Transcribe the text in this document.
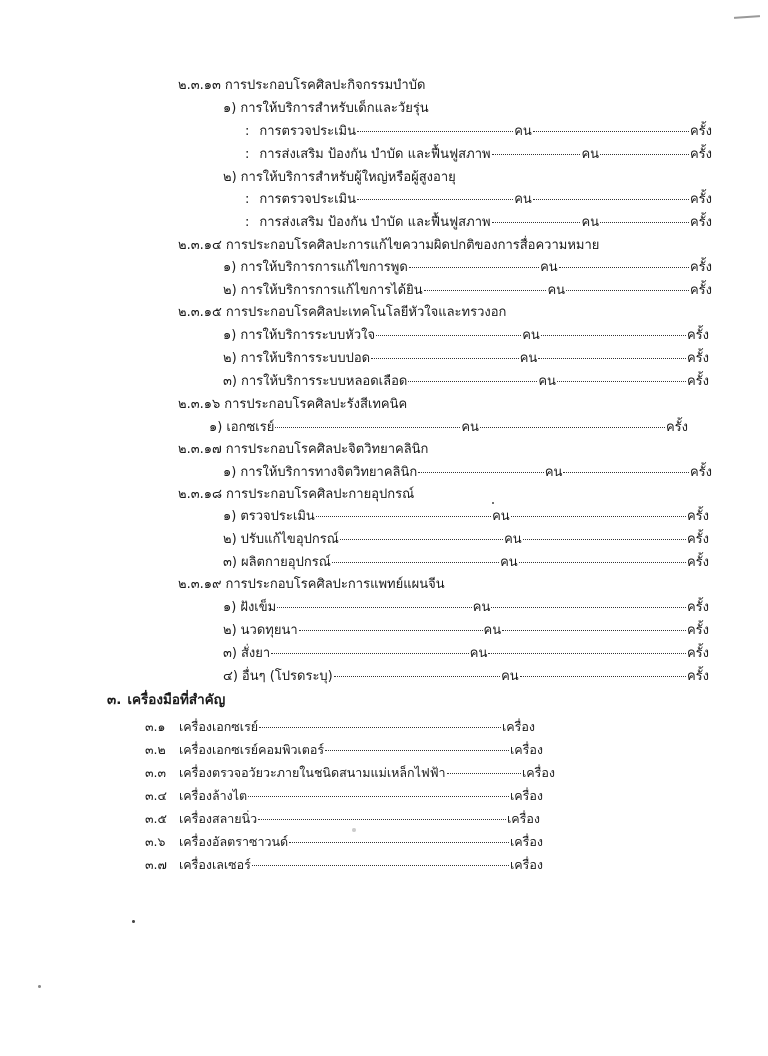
๒.๓.๑๓ การประกอบโรคศิลปะกิจกรรมบำบัด
๑) การให้บริการสำหรับเด็กและวัยรุ่น
: การตรวจประเมิน	คน	ครั้ง
: การส่งเสริม ป้องกัน บำบัด และฟื้นฟูสภาพ	คน	ครั้ง
๒) การให้บริการสำหรับผู้ใหญ่หรือผู้สูงอายุ
: การตรวจประเมิน	คน	ครั้ง
: การส่งเสริม ป้องกัน บำบัด และฟื้นฟูสภาพ	คน	ครั้ง
๒.๓.๑๔ การประกอบโรคศิลปะการแก้ไขความผิดปกติของการสื่อความหมาย
๑) การให้บริการการแก้ไขการพูด	คน	ครั้ง
๒) การให้บริการการแก้ไขการได้ยิน	คน	ครั้ง
๒.๓.๑๕ การประกอบโรคศิลปะเทคโนโลยีหัวใจและทรวงอก
๑) การให้บริการระบบหัวใจ	คน	ครั้ง
๒) การให้บริการระบบปอด	คน	ครั้ง
๓) การให้บริการระบบหลอดเลือด	คน	ครั้ง
๒.๓.๑๖ การประกอบโรคศิลปะรังสีเทคนิค
๑) เอกซเรย์	คน	ครั้ง
๒.๓.๑๗ การประกอบโรคศิลปะจิตวิทยาคลินิก
๑) การให้บริการทางจิตวิทยาคลินิก	คน	ครั้ง
๒.๓.๑๘ การประกอบโรคศิลปะกายอุปกรณ์
๑) ตรวจประเมิน	คน	ครั้ง
๒) ปรับแก้ไขอุปกรณ์	คน	ครั้ง
๓) ผลิตกายอุปกรณ์	คน	ครั้ง
๒.๓.๑๙ การประกอบโรคศิลปะการแพทย์แผนจีน
๑) ฝังเข็ม	คน	ครั้ง
๒) นวดทุยนา	คน	ครั้ง
๓) สั่งยา	คน	ครั้ง
๔) อื่นๆ (โปรดระบุ)	คน	ครั้ง
๓. เครื่องมือที่สำคัญ
๓.๑	เครื่องเอกซเรย์	เครื่อง
๓.๒	เครื่องเอกซเรย์คอมพิวเตอร์	เครื่อง
๓.๓	เครื่องตรวจอวัยวะภายในชนิดสนามแม่เหล็กไฟฟ้า	เครื่อง
๓.๔ เครื่องล้างไต	เครื่อง
๓.๕ เครื่องสลายนิ่ว	เครื่อง
๓.๖	เครื่องอัลตราซาวนด์	เครื่อง
๓.๗ เครื่องเลเซอร์	เครื่อง
